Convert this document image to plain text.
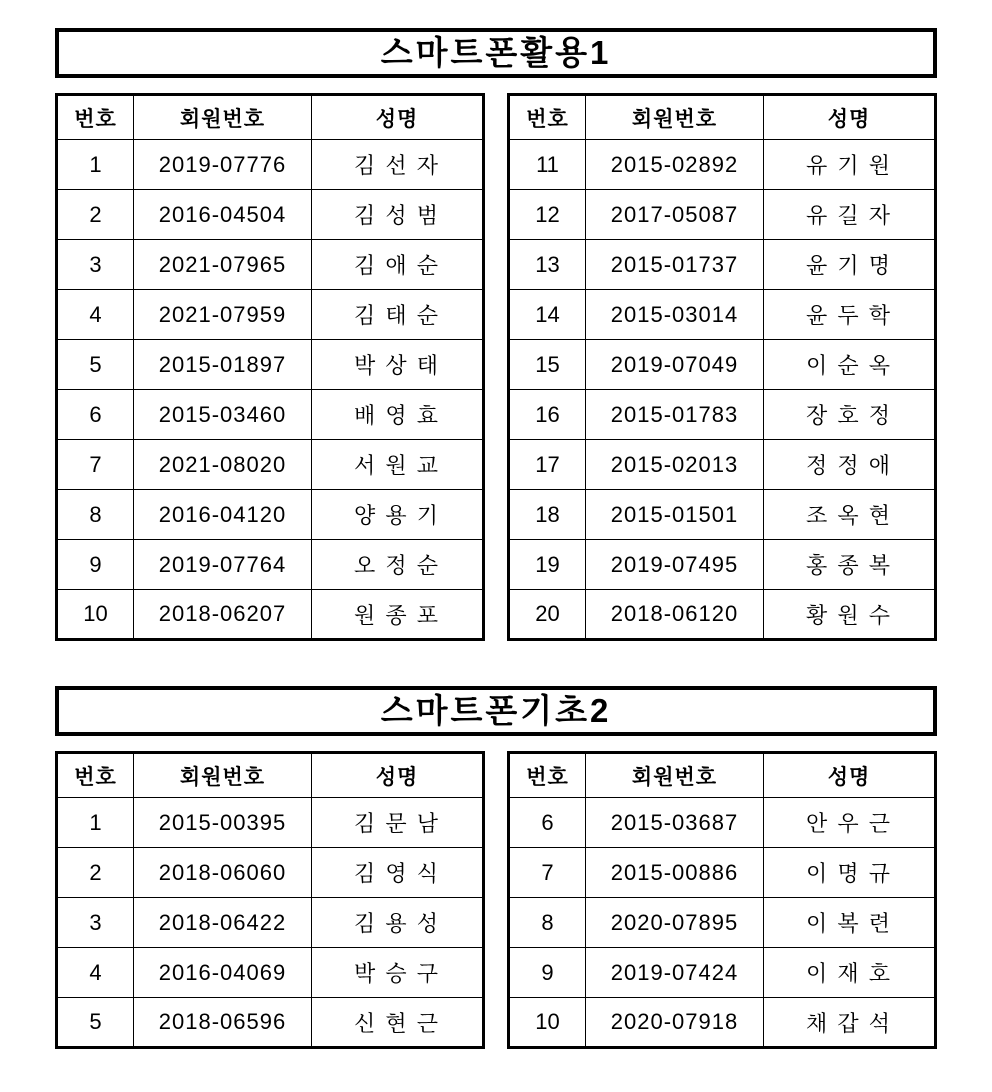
스마트폰활용1
번호	회원번호	성명
1	2019-07776	김 선 자
2	2016-04504	김 성 범
3	2021-07965	김 애 순
4	2021-07959	김 태 순
5	2015-01897	박 상 태
6	2015-03460	배 영 효
7	2021-08020	서 원 교
8	2016-04120	양 용 기
9	2019-07764	오 정 순
10	2018-06207	원 종 포
번호	회원번호	성명
11	2015-02892	유 기 원
12	2017-05087	유 길 자
13	2015-01737	윤 기 명
14	2015-03014	윤 두 학
15	2019-07049	이 순 옥
16	2015-01783	장 호 정
17	2015-02013	정 정 애
18	2015-01501	조 옥 현
19	2019-07495	홍 종 복
20	2018-06120	황 원 수
스마트폰기초2
번호	회원번호	성명
1	2015-00395	김 문 남
2	2018-06060	김 영 식
3	2018-06422	김 용 성
4	2016-04069	박 승 구
5	2018-06596	신 현 근
번호	회원번호	성명
6	2015-03687	안 우 근
7	2015-00886	이 명 규
8	2020-07895	이 복 련
9	2019-07424	이 재 호
10	2020-07918	채 갑 석
